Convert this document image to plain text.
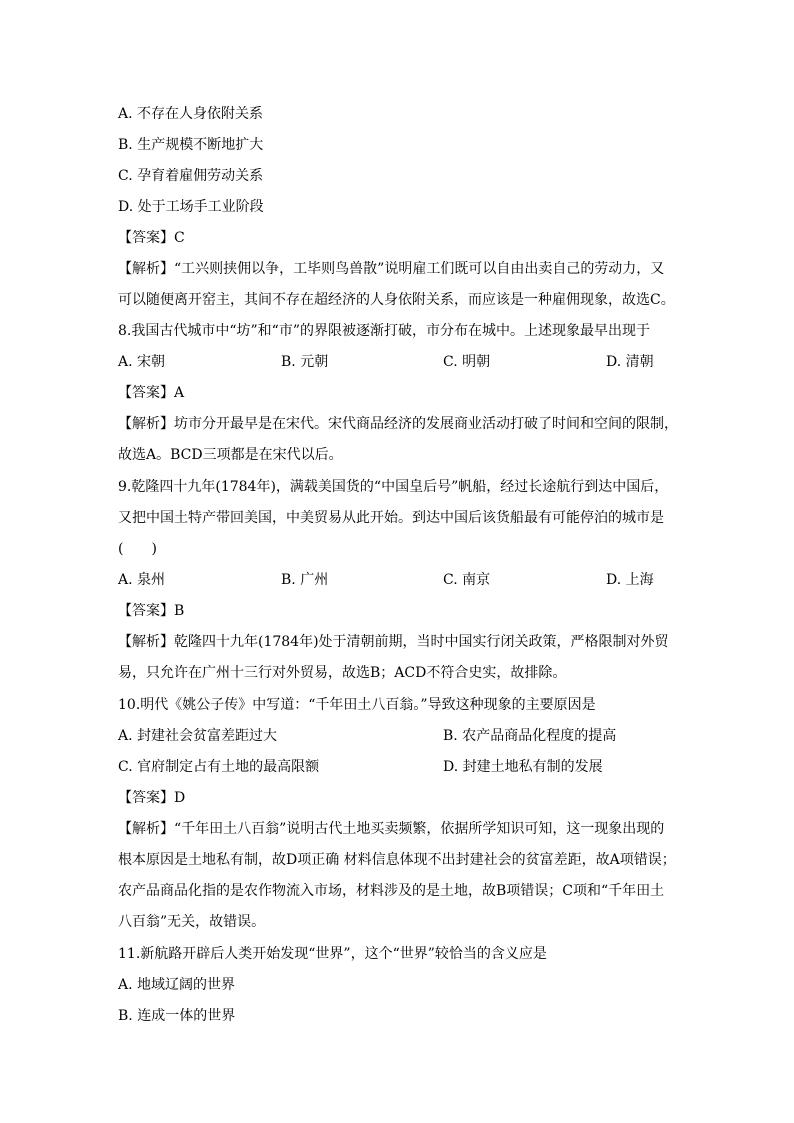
A. 不存在人身依附关系
B. 生产规模不断地扩大
C. 孕育着雇佣劳动关系
D. 处于工场手工业阶段
【答案】C
【解析】“工兴则挟佣以争，工毕则鸟兽散”说明雇工们既可以自由出卖自己的劳动力，又
可以随便离开窑主，其间不存在超经济的人身依附关系，而应该是一种雇佣现象，故选C。
8.我国古代城市中“坊”和“市”的界限被逐渐打破，市分布在城中。上述现象最早出现于
A. 宋朝	B. 元朝	C. 明朝	D. 清朝
【答案】A
【解析】坊市分开最早是在宋代。宋代商品经济的发展商业活动打破了时间和空间的限制，
故选A。BCD三项都是在宋代以后。
9.乾隆四十九年(1784年)，满载美国货的“中国皇后号”帆船，经过长途航行到达中国后，
又把中国土特产带回美国，中美贸易从此开始。到达中国后该货船最有可能停泊的城市是
(　　)
A. 泉州	B. 广州	C. 南京	D. 上海
【答案】B
【解析】乾隆四十九年(1784年)处于清朝前期，当时中国实行闭关政策，严格限制对外贸
易，只允许在广州十三行对外贸易，故选B；ACD不符合史实，故排除。
10.明代《姚公子传》中写道：“千年田土八百翁。”导致这种现象的主要原因是
A. 封建社会贫富差距过大	B. 农产品商品化程度的提高
C. 官府制定占有土地的最高限额	D. 封建土地私有制的发展
【答案】D
【解析】“千年田土八百翁”说明古代土地买卖频繁，依据所学知识可知，这一现象出现的
根本原因是土地私有制，故D项正确 材料信息体现不出封建社会的贫富差距，故A项错误；
农产品商品化指的是农作物流入市场，材料涉及的是土地，故B项错误；C项和“千年田土
八百翁”无关，故错误。
11.新航路开辟后人类开始发现“世界”，这个“世界”较恰当的含义应是
A. 地域辽阔的世界
B. 连成一体的世界
